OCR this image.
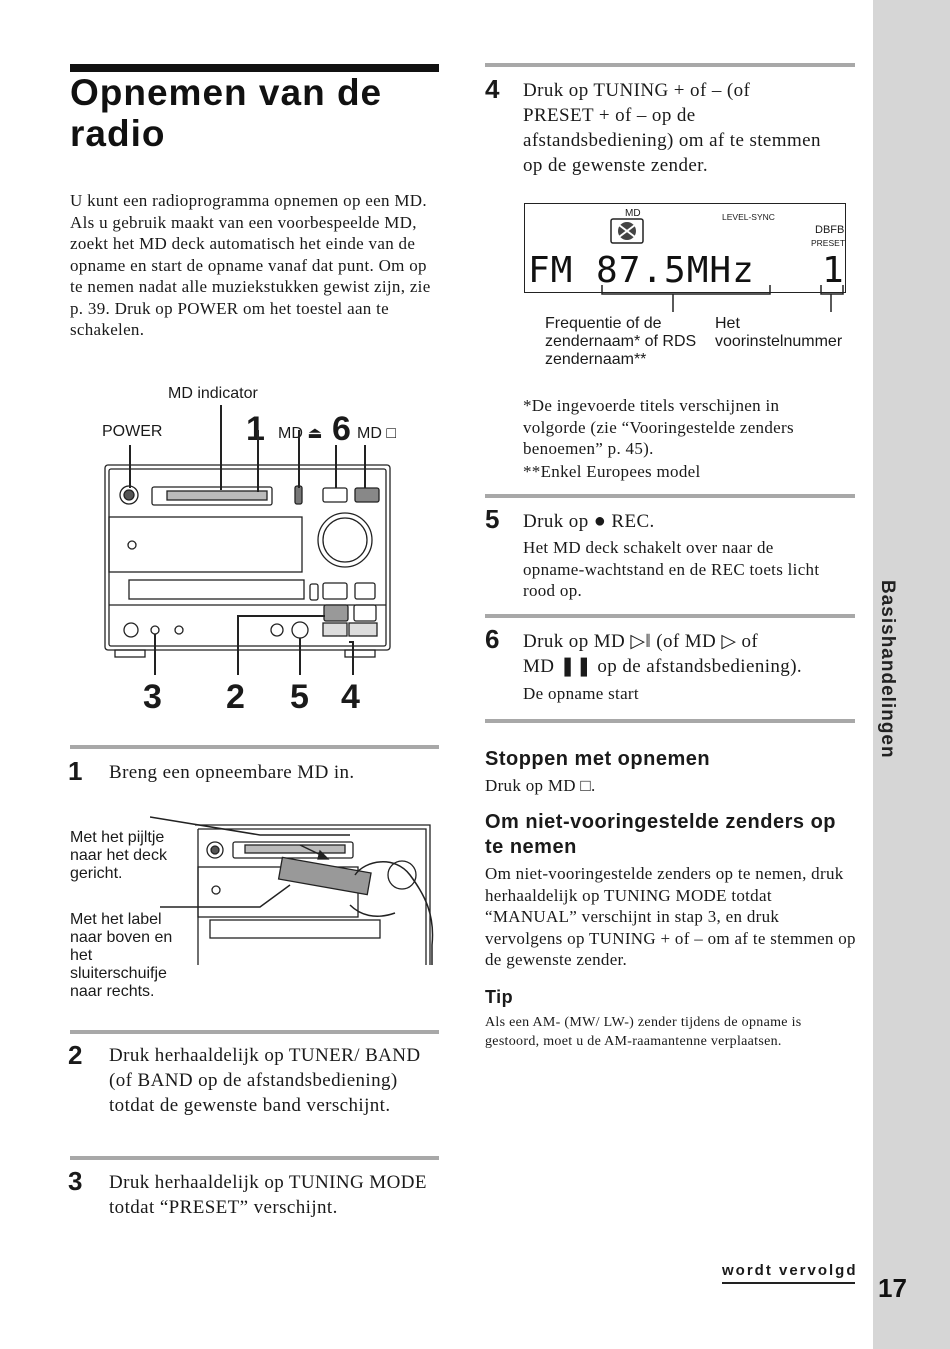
Basishandelingen
17
Opnemen van de radio
U kunt een radioprogramma opnemen op een MD. Als u gebruik maakt van een voorbespeelde MD, zoekt het MD deck automatisch het einde van de opname en start de opname vanaf dat punt. Om op te nemen nadat alle muziekstukken gewist zijn, zie p. 39. Druk op POWER om het toestel aan te schakelen.
MD indicator
POWER 1 MD ⏏ 6 MD □
3 2 5 4
1 Breng een opneembare MD in.
Met het pijltje naar het deck gericht.
Met het label naar boven en het sluiterschuifje naar rechts.
2 Druk herhaaldelijk op TUNER/ BAND (of BAND op de afstandsbediening) totdat de gewenste band verschijnt.
3 Druk herhaaldelijk op TUNING MODE totdat “PRESET” verschijnt.
4 Druk op TUNING + of – (of PRESET + of – op de afstandsbediening) om af te stemmen op de gewenste zender.
MD	LEVEL-SYNC
DBFB
PRESET
FM 87.5MHz 1
Frequentie of de zendernaam* of RDS zendernaam**
Het voorinstelnummer
*De ingevoerde titels verschijnen in volgorde (zie “Vooringestelde zenders benoemen” p. 45).
**Enkel Europees model
5 Druk op ● REC.
Het MD deck schakelt over naar de opname-wachtstand en de REC toets licht rood op.
6 Druk op MD ▷‖ (of MD ▷ of
MD ❚❚ op de afstandsbediening).
De opname start
Stoppen met opnemen
Druk op MD □.
Om niet-vooringestelde zenders op te nemen
Om niet-vooringestelde zenders op te nemen, druk herhaaldelijk op TUNING MODE totdat “MANUAL” verschijnt in stap 3, en druk vervolgens op TUNING + of – om af te stemmen op de gewenste zender.
Tip
Als een AM- (MW/ LW-) zender tijdens de opname is gestoord, moet u de AM-raamantenne verplaatsen.
wordt vervolgd
